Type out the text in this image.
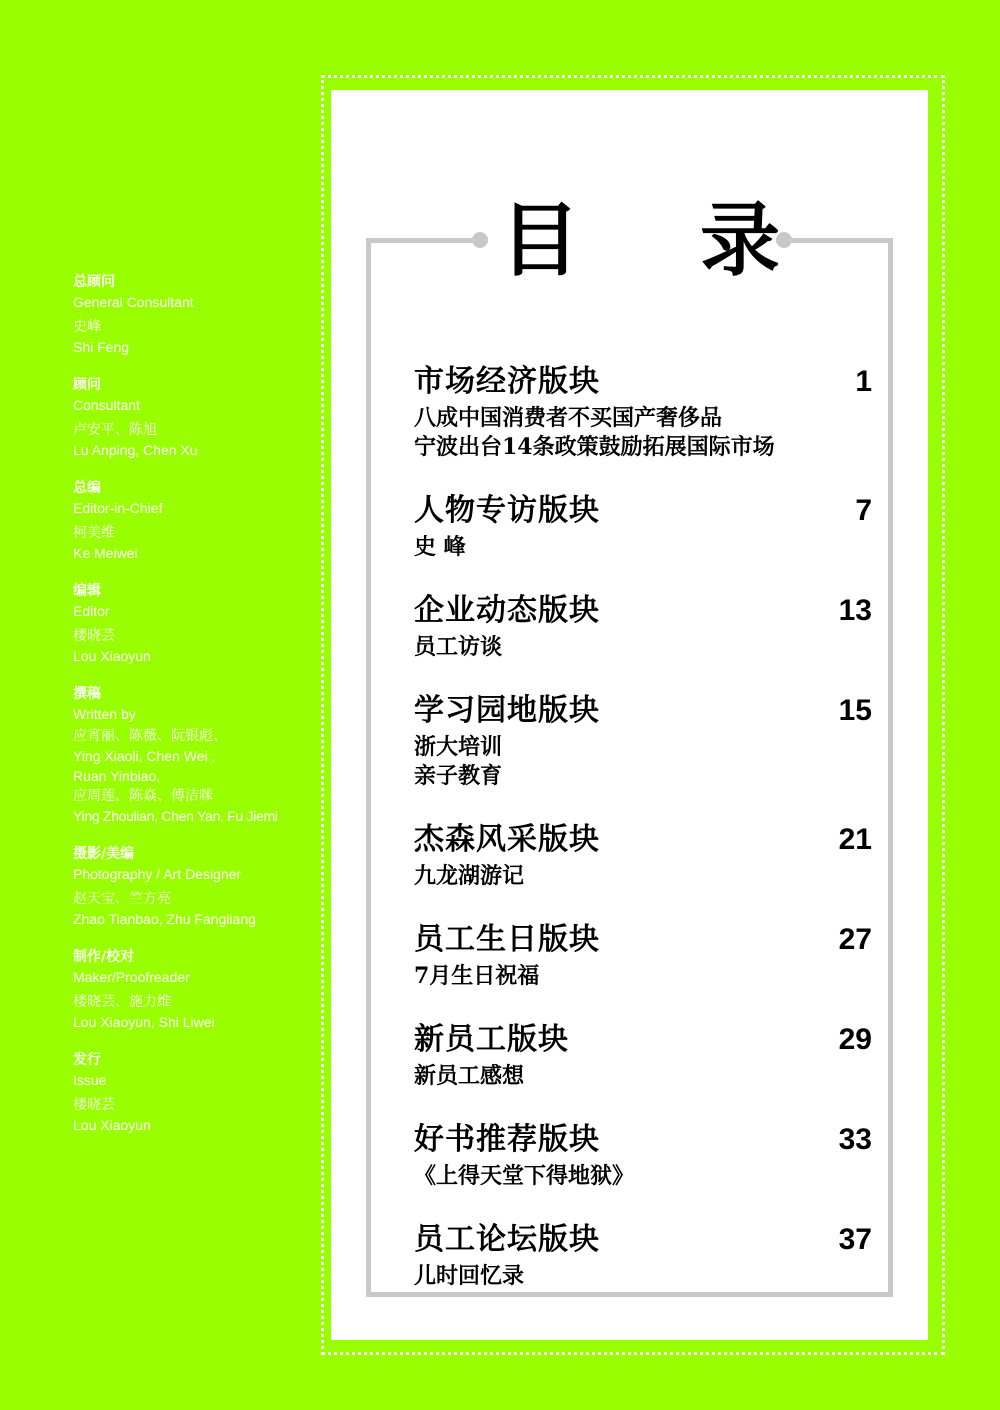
总顾问
General Consultant
史峰
Shi Feng
顾问
Consultant
卢安平、陈旭
Lu Anping, Chen Xu
总编
Editor-in-Chief
柯美维
Ke Meiwei
编辑
Editor
楼晓芸
Lou Xiaoyun
撰稿
Written by
应宵丽、陈薇、阮银彪、
Ying Xiaoli, Chen Wei ,
Ruan Yinbiao,
应周莲、陈焱、傅洁咪
Ying Zhoulian, Chen Yan, Fu Jiemi
摄影/美编
Photography / Art Designer
赵天宝、竺方亮
Zhao Tianbao, Zhu Fangliang
制作/校对
Maker/Proofreader
楼晓芸、施力维
Lou Xiaoyun, Shi Liwei
发行
Issue
楼晓芸
Lou Xiaoyun
目 录
市场经济版块	1
八成中国消费者不买国产奢侈品
宁波出台14条政策鼓励拓展国际市场
人物专访版块	7
史 峰
企业动态版块	13
员工访谈
学习园地版块	15
浙大培训
亲子教育
杰森风采版块	21
九龙湖游记
员工生日版块	27
7月生日祝福
新员工版块	29
新员工感想
好书推荐版块	33
《上得天堂下得地狱》
员工论坛版块	37
儿时回忆录
